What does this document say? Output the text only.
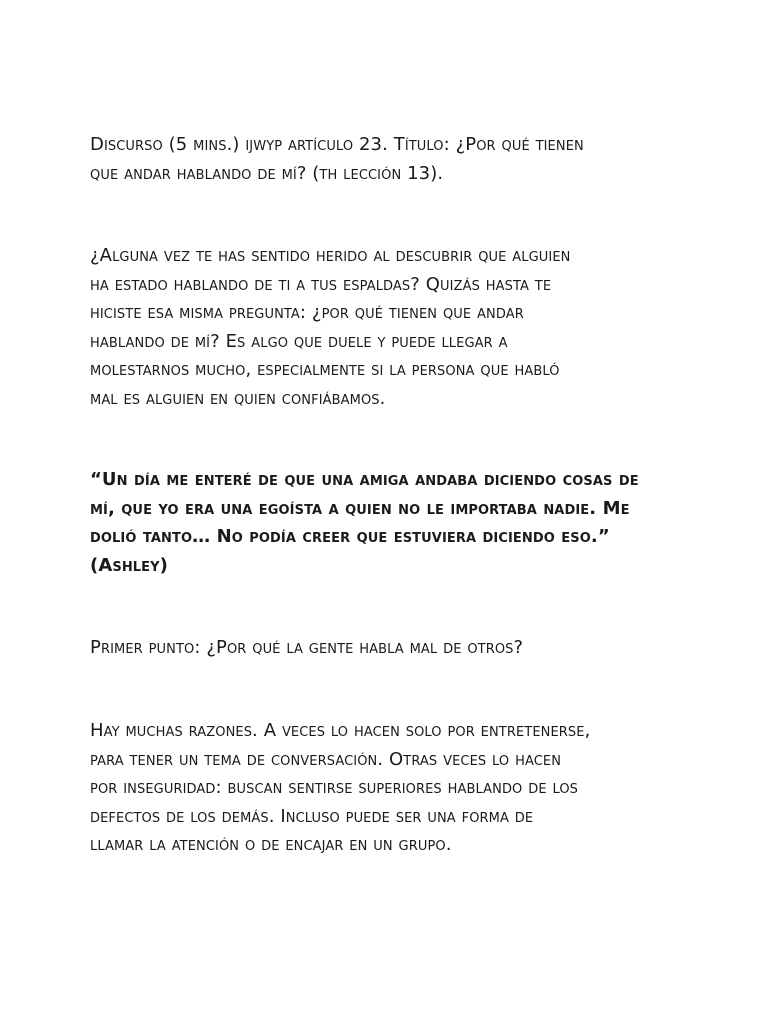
Discurso (5 mins.) ijwyp artículo 23. Título: ¿Por qué tienen
que andar hablando de mí? (th lección 13).

¿Alguna vez te has sentido herido al descubrir que alguien
ha estado hablando de ti a tus espaldas? Quizás hasta te
hiciste esa misma pregunta: ¿por qué tienen que andar
hablando de mí? Es algo que duele y puede llegar a
molestarnos mucho, especialmente si la persona que habló
mal es alguien en quien confiábamos.

“Un día me enteré de que una amiga andaba diciendo cosas de
mí, que yo era una egoísta a quien no le importaba nadie. Me
dolió tanto… No podía creer que estuviera diciendo eso.”
(Ashley)

Primer punto: ¿Por qué la gente habla mal de otros?

Hay muchas razones. A veces lo hacen solo por entretenerse,
para tener un tema de conversación. Otras veces lo hacen
por inseguridad: buscan sentirse superiores hablando de los
defectos de los demás. Incluso puede ser una forma de
llamar la atención o de encajar en un grupo.
